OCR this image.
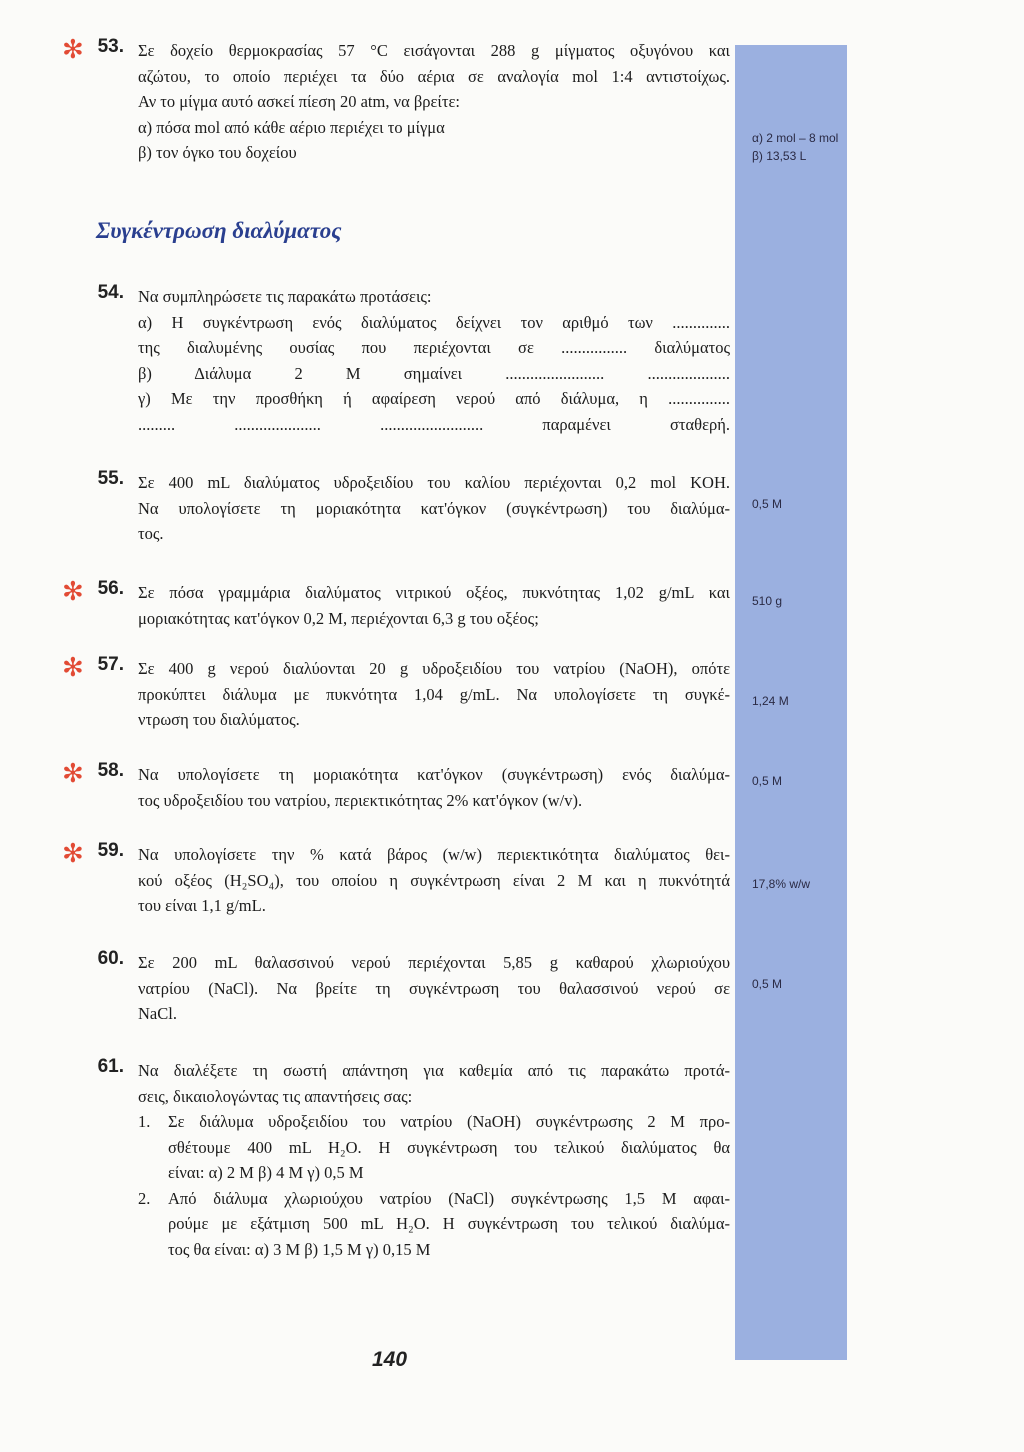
Συγκέντρωση διαλύματος
53.
✻	Σε δοχείο θερμοκρασίας 57 °C εισάγονται 288 g μίγματος οξυγόνου και
αζώτου, το οποίο περιέχει τα δύο αέρια σε αναλογία mol 1:4 αντιστοίχως.
Αν το μίγμα αυτό ασκεί πίεση 20 atm, να βρείτε:
α) πόσα mol από κάθε αέριο περιέχει το μίγμα
β) τον όγκο του δοχείου
α) 2 mol – 8 mol
β) 13,53 L
54. Να συμπληρώσετε τις παρακάτω προτάσεις:
α) Η συγκέντρωση ενός διαλύματος δείχνει τον αριθμό των ..............
της διαλυμένης ουσίας που περιέχονται σε ................ διαλύματος
β) Διάλυμα 2 Μ σημαίνει ........................ ....................
γ) Με την προσθήκη ή αφαίρεση νερού από διάλυμα, η ...............
......... ..................... ......................... παραμένει σταθερή.
55. Σε 400 mL διαλύματος υδροξειδίου του καλίου περιέχονται 0,2 mol KOH.
Να υπολογίσετε τη μοριακότητα κατ'όγκον (συγκέντρωση) του διαλύμα-
τος.
0,5 M
56.
✻	Σε πόσα γραμμάρια διαλύματος νιτρικού οξέος, πυκνότητας 1,02 g/mL και
μοριακότητας κατ'όγκον 0,2 Μ, περιέχονται 6,3 g του οξέος;
510 g
57.
✻	Σε 400 g νερού διαλύονται 20 g υδροξειδίου του νατρίου (NaOH), οπότε
προκύπτει διάλυμα με πυκνότητα 1,04 g/mL. Να υπολογίσετε τη συγκέ-
ντρωση του διαλύματος.
1,24 M
58.
✻	Να υπολογίσετε τη μοριακότητα κατ'όγκον (συγκέντρωση) ενός διαλύμα-
τος υδροξειδίου του νατρίου, περιεκτικότητας 2% κατ'όγκον (w/v).
0,5 M
59.
✻	Να υπολογίσετε την % κατά βάρος (w/w) περιεκτικότητα διαλύματος θει-
κού οξέος (H₂SO₄), του οποίου η συγκέντρωση είναι 2 Μ και η πυκνότητά
του είναι 1,1 g/mL.
17,8% w/w
60. Σε 200 mL θαλασσινού νερού περιέχονται 5,85 g καθαρού χλωριούχου
νατρίου (NaCl). Να βρείτε τη συγκέντρωση του θαλασσινού νερού σε
NaCl.
0,5 M
61. Να διαλέξετε τη σωστή απάντηση για καθεμία από τις παρακάτω προτά-
σεις, δικαιολογώντας τις απαντήσεις σας:
1. Σε διάλυμα υδροξειδίου του νατρίου (NaOH) συγκέντρωσης 2 Μ προ-
σθέτουμε 400 mL H₂O. Η συγκέντρωση του τελικού διαλύματος θα
είναι: α) 2 Μ β) 4 Μ γ) 0,5 Μ
2. Από διάλυμα χλωριούχου νατρίου (NaCl) συγκέντρωσης 1,5 Μ αφαι-
ρούμε με εξάτμιση 500 mL H₂O. Η συγκέντρωση του τελικού διαλύμα-
τος θα είναι: α) 3 Μ β) 1,5 Μ γ) 0,15 Μ
140
